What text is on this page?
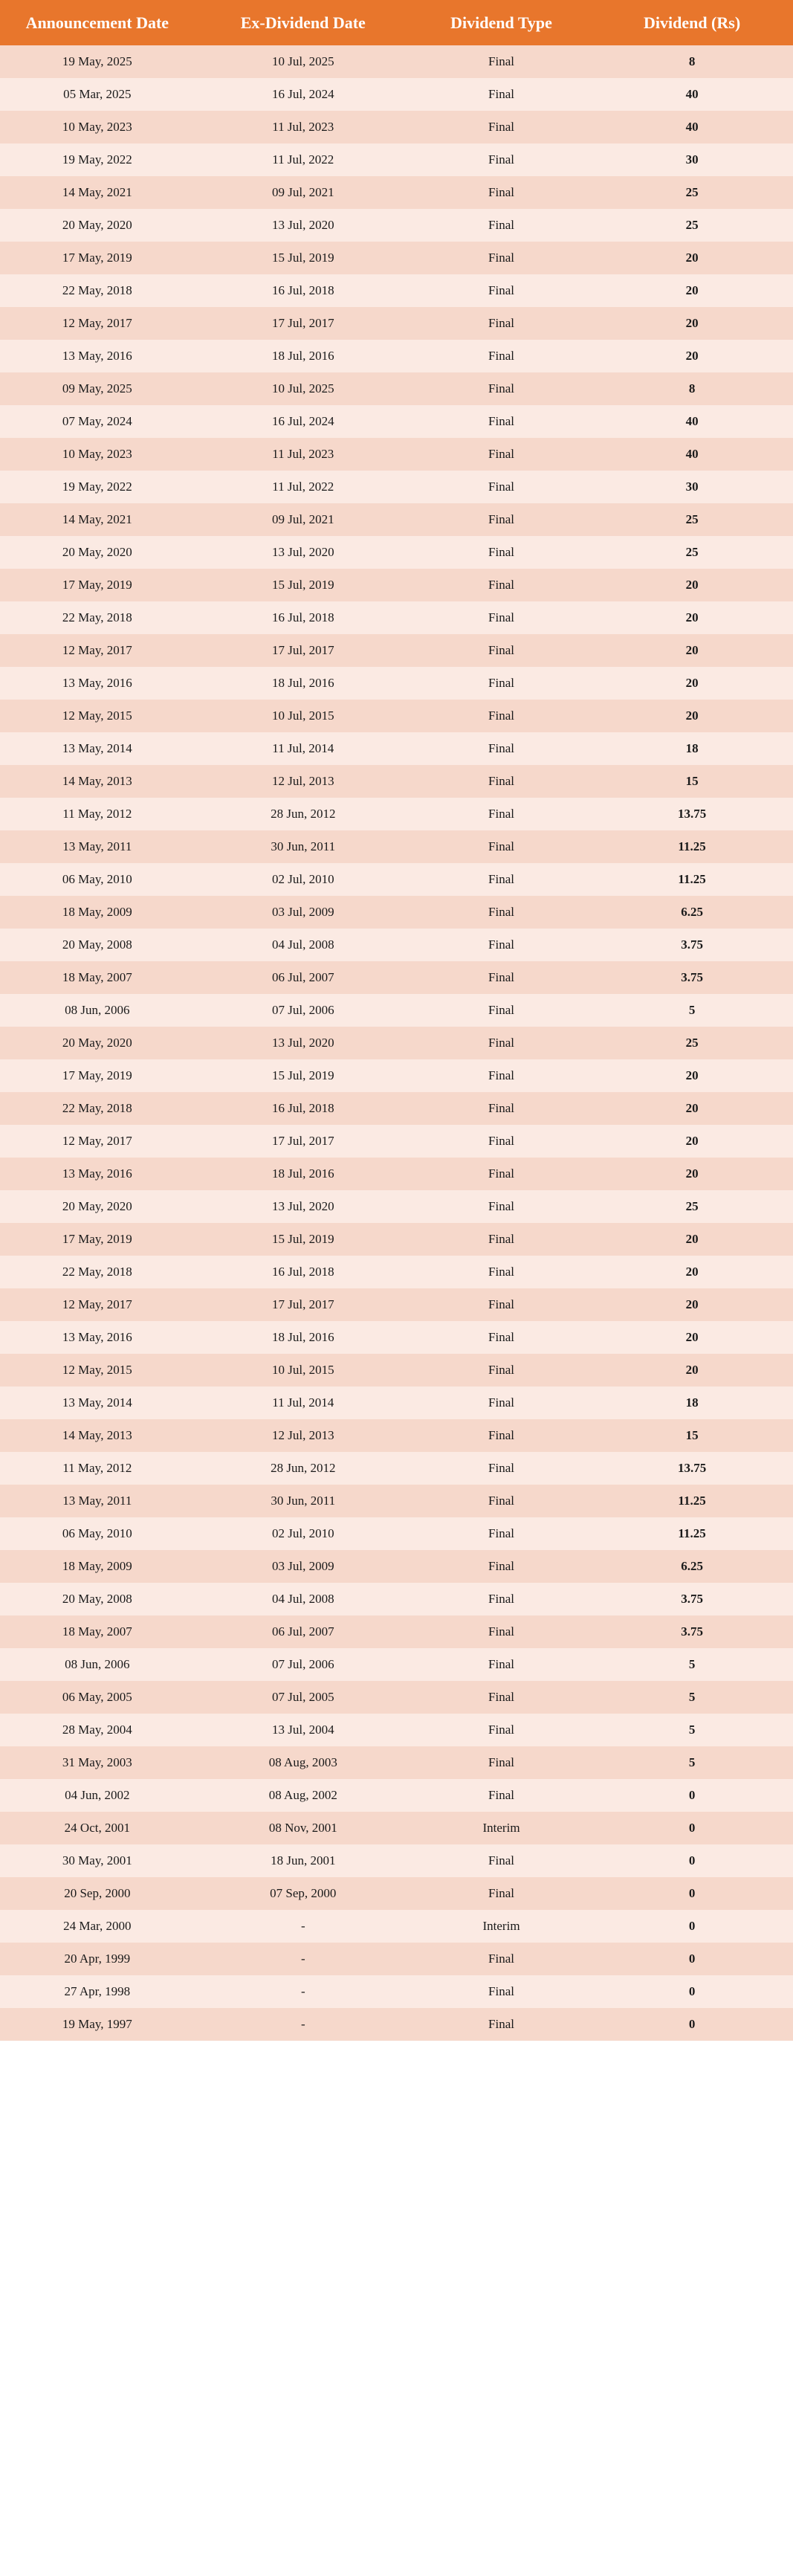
Announcement Date	Ex-Dividend Date	Dividend Type	Dividend (Rs)
19 May, 2025	10 Jul, 2025	Final	8
05 Mar, 2025	16 Jul, 2024	Final	40
10 May, 2023	11 Jul, 2023	Final	40
19 May, 2022	11 Jul, 2022	Final	30
14 May, 2021	09 Jul, 2021	Final	25
20 May, 2020	13 Jul, 2020	Final	25
17 May, 2019	15 Jul, 2019	Final	20
22 May, 2018	16 Jul, 2018	Final	20
12 May, 2017	17 Jul, 2017	Final	20
13 May, 2016	18 Jul, 2016	Final	20
09 May, 2025	10 Jul, 2025	Final	8
07 May, 2024	16 Jul, 2024	Final	40
10 May, 2023	11 Jul, 2023	Final	40
19 May, 2022	11 Jul, 2022	Final	30
14 May, 2021	09 Jul, 2021	Final	25
20 May, 2020	13 Jul, 2020	Final	25
17 May, 2019	15 Jul, 2019	Final	20
22 May, 2018	16 Jul, 2018	Final	20
12 May, 2017	17 Jul, 2017	Final	20
13 May, 2016	18 Jul, 2016	Final	20
12 May, 2015	10 Jul, 2015	Final	20
13 May, 2014	11 Jul, 2014	Final	18
14 May, 2013	12 Jul, 2013	Final	15
11 May, 2012	28 Jun, 2012	Final	13.75
13 May, 2011	30 Jun, 2011	Final	11.25
06 May, 2010	02 Jul, 2010	Final	11.25
18 May, 2009	03 Jul, 2009	Final	6.25
20 May, 2008	04 Jul, 2008	Final	3.75
18 May, 2007	06 Jul, 2007	Final	3.75
08 Jun, 2006	07 Jul, 2006	Final	5
20 May, 2020	13 Jul, 2020	Final	25
17 May, 2019	15 Jul, 2019	Final	20
22 May, 2018	16 Jul, 2018	Final	20
12 May, 2017	17 Jul, 2017	Final	20
13 May, 2016	18 Jul, 2016	Final	20
20 May, 2020	13 Jul, 2020	Final	25
17 May, 2019	15 Jul, 2019	Final	20
22 May, 2018	16 Jul, 2018	Final	20
12 May, 2017	17 Jul, 2017	Final	20
13 May, 2016	18 Jul, 2016	Final	20
12 May, 2015	10 Jul, 2015	Final	20
13 May, 2014	11 Jul, 2014	Final	18
14 May, 2013	12 Jul, 2013	Final	15
11 May, 2012	28 Jun, 2012	Final	13.75
13 May, 2011	30 Jun, 2011	Final	11.25
06 May, 2010	02 Jul, 2010	Final	11.25
18 May, 2009	03 Jul, 2009	Final	6.25
20 May, 2008	04 Jul, 2008	Final	3.75
18 May, 2007	06 Jul, 2007	Final	3.75
08 Jun, 2006	07 Jul, 2006	Final	5
06 May, 2005	07 Jul, 2005	Final	5
28 May, 2004	13 Jul, 2004	Final	5
31 May, 2003	08 Aug, 2003	Final	5
04 Jun, 2002	08 Aug, 2002	Final	0
24 Oct, 2001	08 Nov, 2001	Interim	0
30 May, 2001	18 Jun, 2001	Final	0
20 Sep, 2000	07 Sep, 2000	Final	0
24 Mar, 2000	-	Interim	0
20 Apr, 1999	-	Final	0
27 Apr, 1998	-	Final	0
19 May, 1997	-	Final	0
